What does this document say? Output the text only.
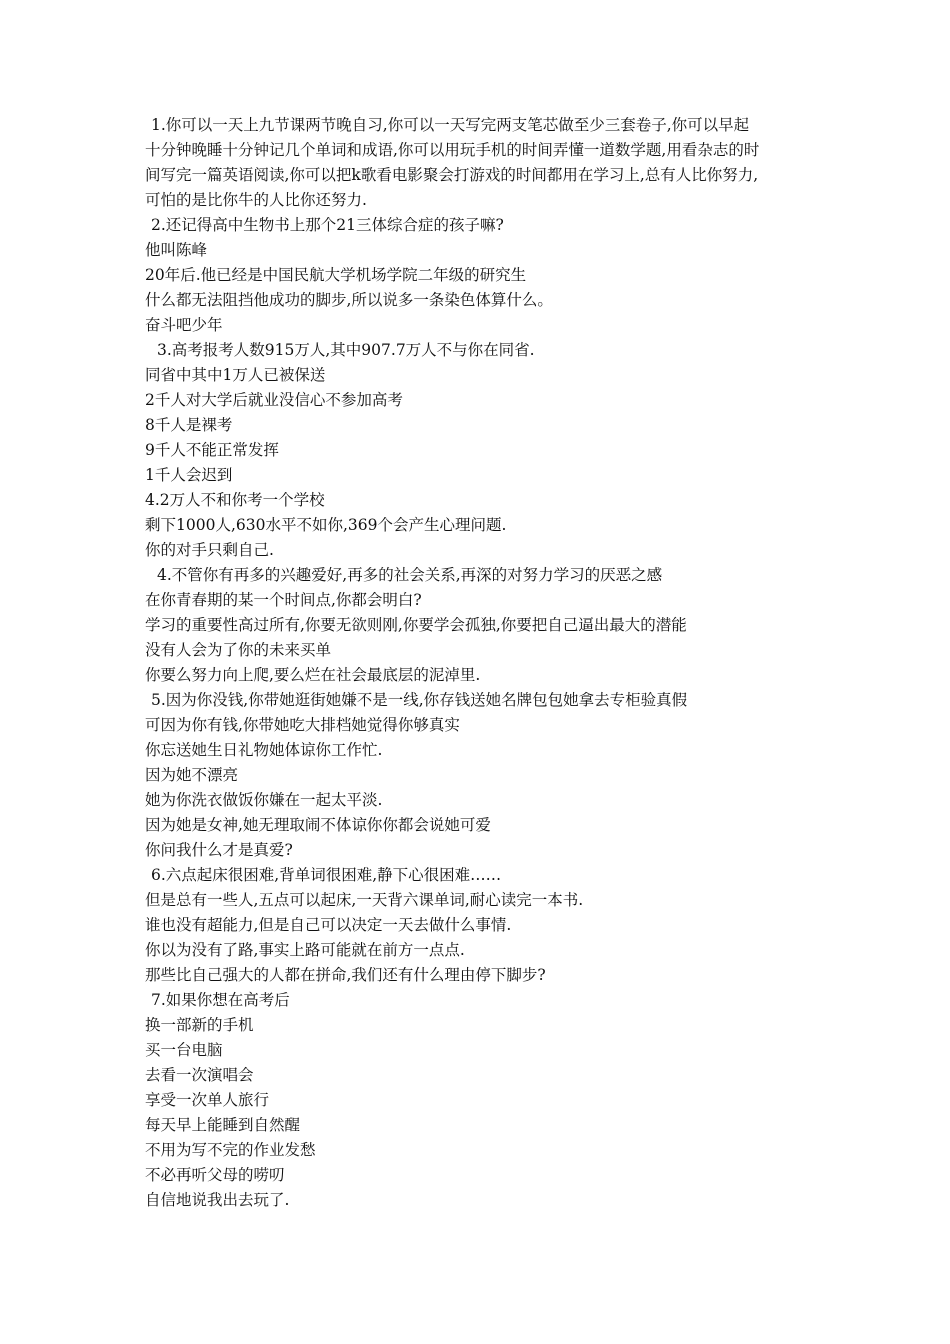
1.你可以一天上九节课两节晚自习,你可以一天写完两支笔芯做至少三套卷子,你可以早起
十分钟晚睡十分钟记几个单词和成语,你可以用玩手机的时间弄懂一道数学题,用看杂志的时
间写完一篇英语阅读,你可以把k歌看电影聚会打游戏的时间都用在学习上,总有人比你努力,
可怕的是比你牛的人比你还努力.
2.还记得高中生物书上那个21三体综合症的孩子嘛?
他叫陈峰
20年后.他已经是中国民航大学机场学院二年级的研究生
什么都无法阻挡他成功的脚步,所以说多一条染色体算什么。
奋斗吧少年
3.高考报考人数915万人,其中907.7万人不与你在同省.
同省中其中1万人已被保送
2千人对大学后就业没信心不参加高考
8千人是裸考
9千人不能正常发挥
1千人会迟到
4.2万人不和你考一个学校
剩下1000人,630水平不如你,369个会产生心理问题.
你的对手只剩自己.
4.不管你有再多的兴趣爱好,再多的社会关系,再深的对努力学习的厌恶之感
在你青春期的某一个时间点,你都会明白?
学习的重要性高过所有,你要无欲则刚,你要学会孤独,你要把自己逼出最大的潜能
没有人会为了你的未来买单
你要么努力向上爬,要么烂在社会最底层的泥淖里.
5.因为你没钱,你带她逛街她嫌不是一线,你存钱送她名牌包包她拿去专柜验真假
可因为你有钱,你带她吃大排档她觉得你够真实
你忘送她生日礼物她体谅你工作忙.
因为她不漂亮
她为你洗衣做饭你嫌在一起太平淡.
因为她是女神,她无理取闹不体谅你你都会说她可爱
你问我什么才是真爱?
6.六点起床很困难,背单词很困难,静下心很困难……
但是总有一些人,五点可以起床,一天背六课单词,耐心读完一本书.
谁也没有超能力,但是自己可以决定一天去做什么事情.
你以为没有了路,事实上路可能就在前方一点点.
那些比自己强大的人都在拼命,我们还有什么理由停下脚步?
7.如果你想在高考后
换一部新的手机
买一台电脑
去看一次演唱会
享受一次单人旅行
每天早上能睡到自然醒
不用为写不完的作业发愁
不必再听父母的唠叨
自信地说我出去玩了.
